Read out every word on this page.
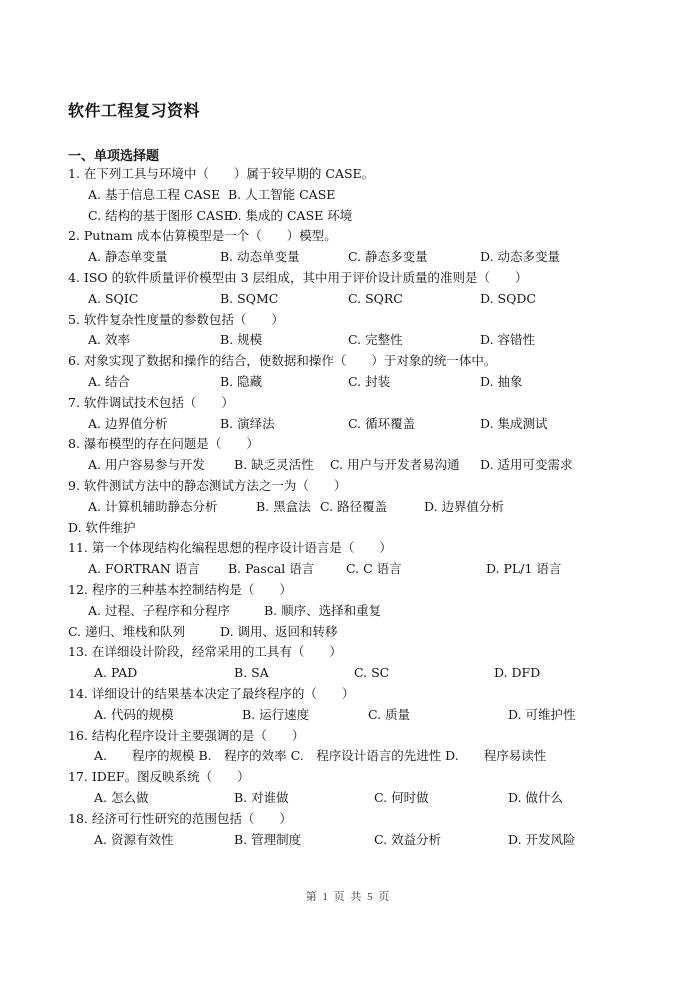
软件工程复习资料
一、单项选择题
1. 在下列工具与环境中（　　）属于较早期的 CASE。
A. 基于信息工程 CASE B. 人工智能 CASE
C. 结构的基于图形 CASE
D. 集成的 CASE 环境
2. Putnam 成本估算模型是一个（　　）模型。
A. 静态单变量	B. 动态单变量	C. 静态多变量	D. 动态多变量
4. ISO 的软件质量评价模型由 3 层组成，其中用于评价设计质量的准则是（　　）
A. SQIC	B. SQMC	C. SQRC	D. SQDC
5. 软件复杂性度量的参数包括（　　）
A. 效率	B. 规模	C. 完整性	D. 容错性
6. 对象实现了数据和操作的结合，使数据和操作（　　）于对象的统一体中。
A. 结合	B. 隐藏	C. 封装	D. 抽象
7. 软件调试技术包括（　　）
A. 边界值分析	B. 演绎法	C. 循环覆盖	D. 集成测试
8. 瀑布模型的存在问题是（　　）
A. 用户容易参与开发 B. 缺乏灵活性 C. 用户与开发者易沟通 D. 适用可变需求
9. 软件测试方法中的静态测试方法之一为（　　）
A. 计算机辅助静态分析	B. 黑盒法 C. 路径覆盖	D. 边界值分析
D. 软件维护
11. 第一个体现结构化编程思想的程序设计语言是（　　）
A. FORTRAN 语言 B. Pascal 语言	C. C 语言	D. PL/1 语言
12. 程序的三种基本控制结构是（　　）
A. 过程、子程序和分程序	B. 顺序、选择和重复
C. 递归、堆栈和队列	D. 调用、返回和转移
13. 在详细设计阶段，经常采用的工具有（　　）
A. PAD	B. SA	C. SC	D. DFD
14. 详细设计的结果基本决定了最终程序的（　　）
A. 代码的规模	B. 运行速度	C. 质量	D. 可维护性
16. 结构化程序设计主要强调的是（　　）
A.　　程序的规模 B.　程序的效率 C.　程序设计语言的先进性 D.　　程序易读性
17. IDEF。图反映系统（　　）
A. 怎么做	B. 对谁做	C. 何时做	D. 做什么
18. 经济可行性研究的范围包括（　　）
A. 资源有效性	B. 管理制度	C. 效益分析	D. 开发风险
第 1 页 共 5 页
